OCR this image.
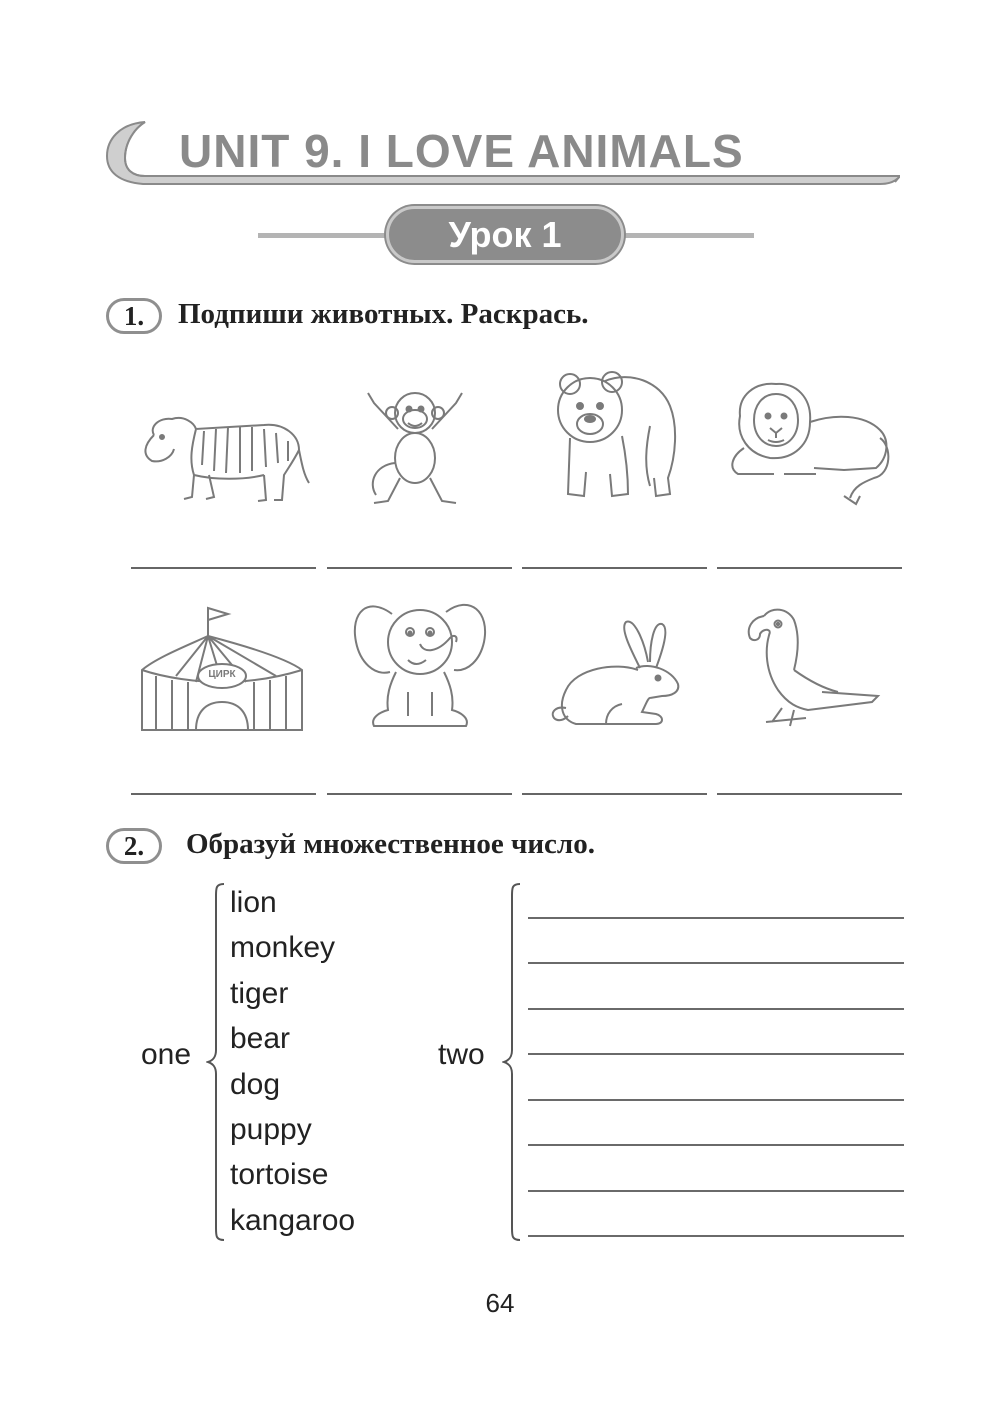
UNIT 9. I LOVE ANIMALS
Урок 1
1.	Подпиши животных. Раскрась.
ЦИРК
2.	Образуй множественное число.
one
lion
monkey
tiger
bear
dog
puppy
tortoise
kangaroo
two
64
